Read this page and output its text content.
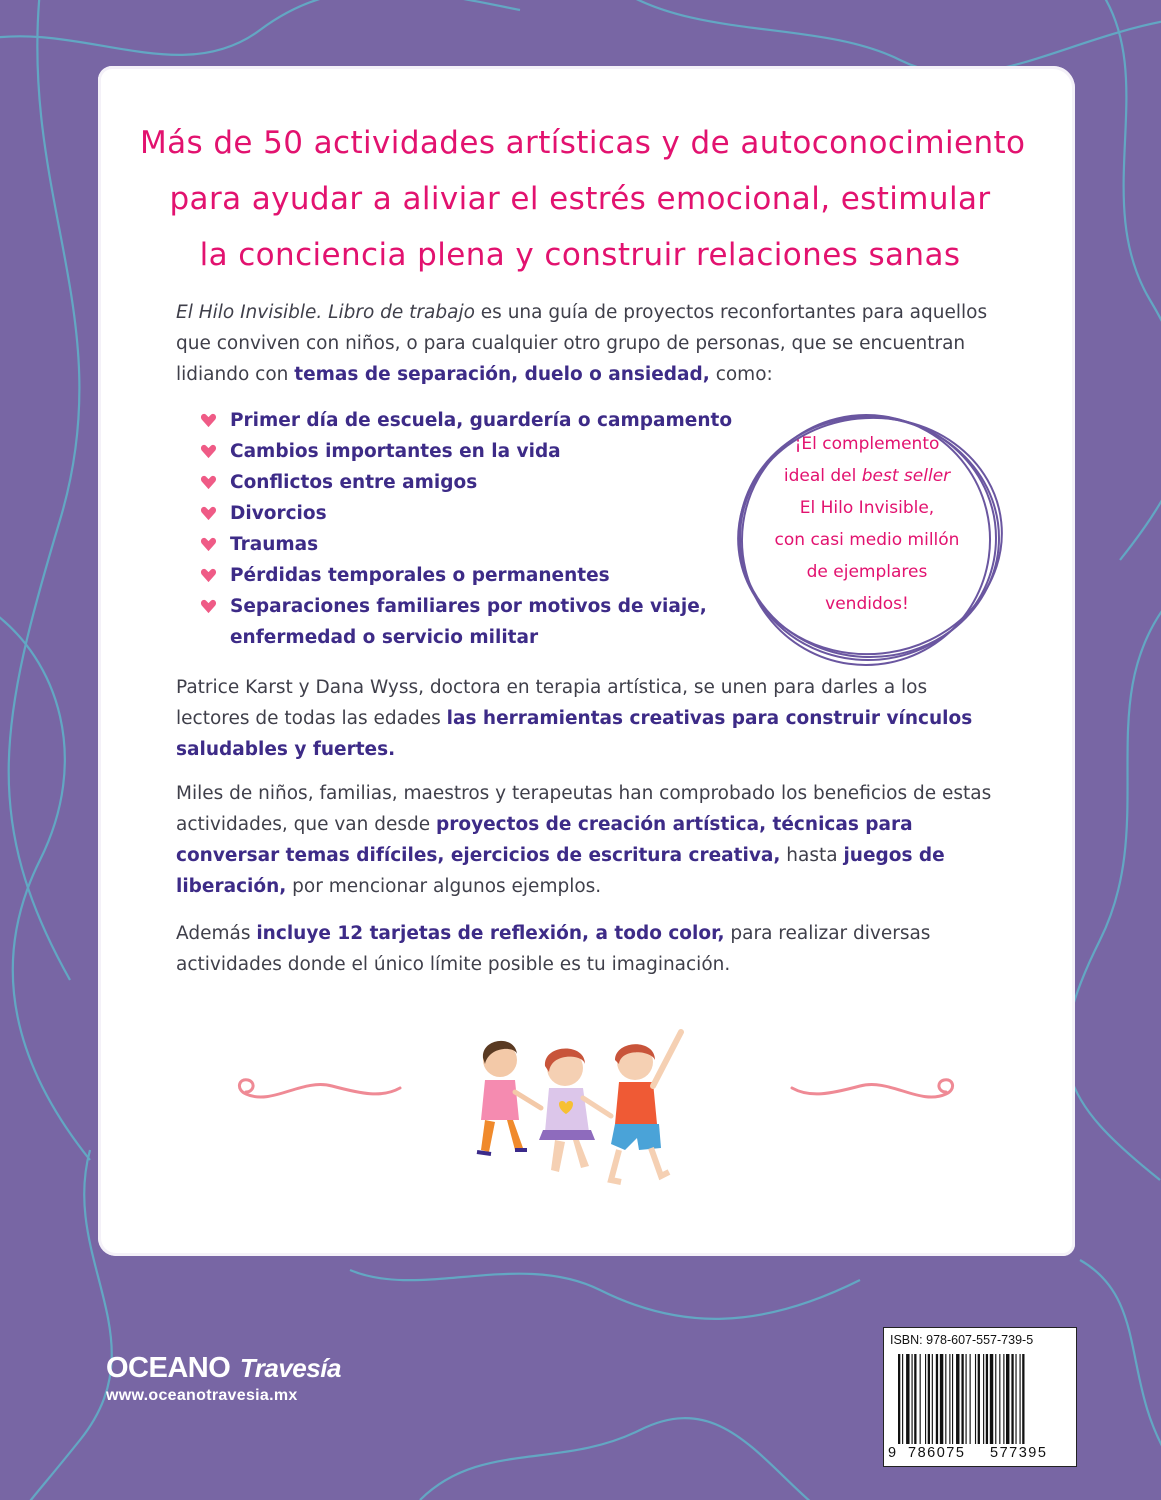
Más de 50 actividades artísticas y de autoconocimiento
para ayudar a aliviar el estrés emocional, estimular
la conciencia plena y construir relaciones sanas
El Hilo Invisible. Libro de trabajo es una guía de proyectos reconfortantes para aquellos que conviven con niños, o para cualquier otro grupo de personas, que se encuentran lidiando con temas de separación, duelo o ansiedad, como:
Primer día de escuela, guardería o campamento
Cambios importantes en la vida
Conflictos entre amigos
Divorcios
Traumas
Pérdidas temporales o permanentes
Separaciones familiares por motivos de viaje, enfermedad o servicio militar
¡El complemento
ideal del best seller
El Hilo Invisible,
con casi medio millón
de ejemplares
vendidos!
Patrice Karst y Dana Wyss, doctora en terapia artística, se unen para darles a los lectores de todas las edades las herramientas creativas para construir vínculos saludables y fuertes.
Miles de niños, familias, maestros y terapeutas han comprobado los beneficios de estas actividades, que van desde proyectos de creación artística, técnicas para conversar temas difíciles, ejercicios de escritura creativa, hasta juegos de liberación, por mencionar algunos ejemplos.
Además incluye 12 tarjetas de reflexión, a todo color, para realizar diversas actividades donde el único límite posible es tu imaginación.
ISBN: 978-607-557-739-5
9 786075 577395
OCEANO Travesía
www.oceanotravesia.mx
